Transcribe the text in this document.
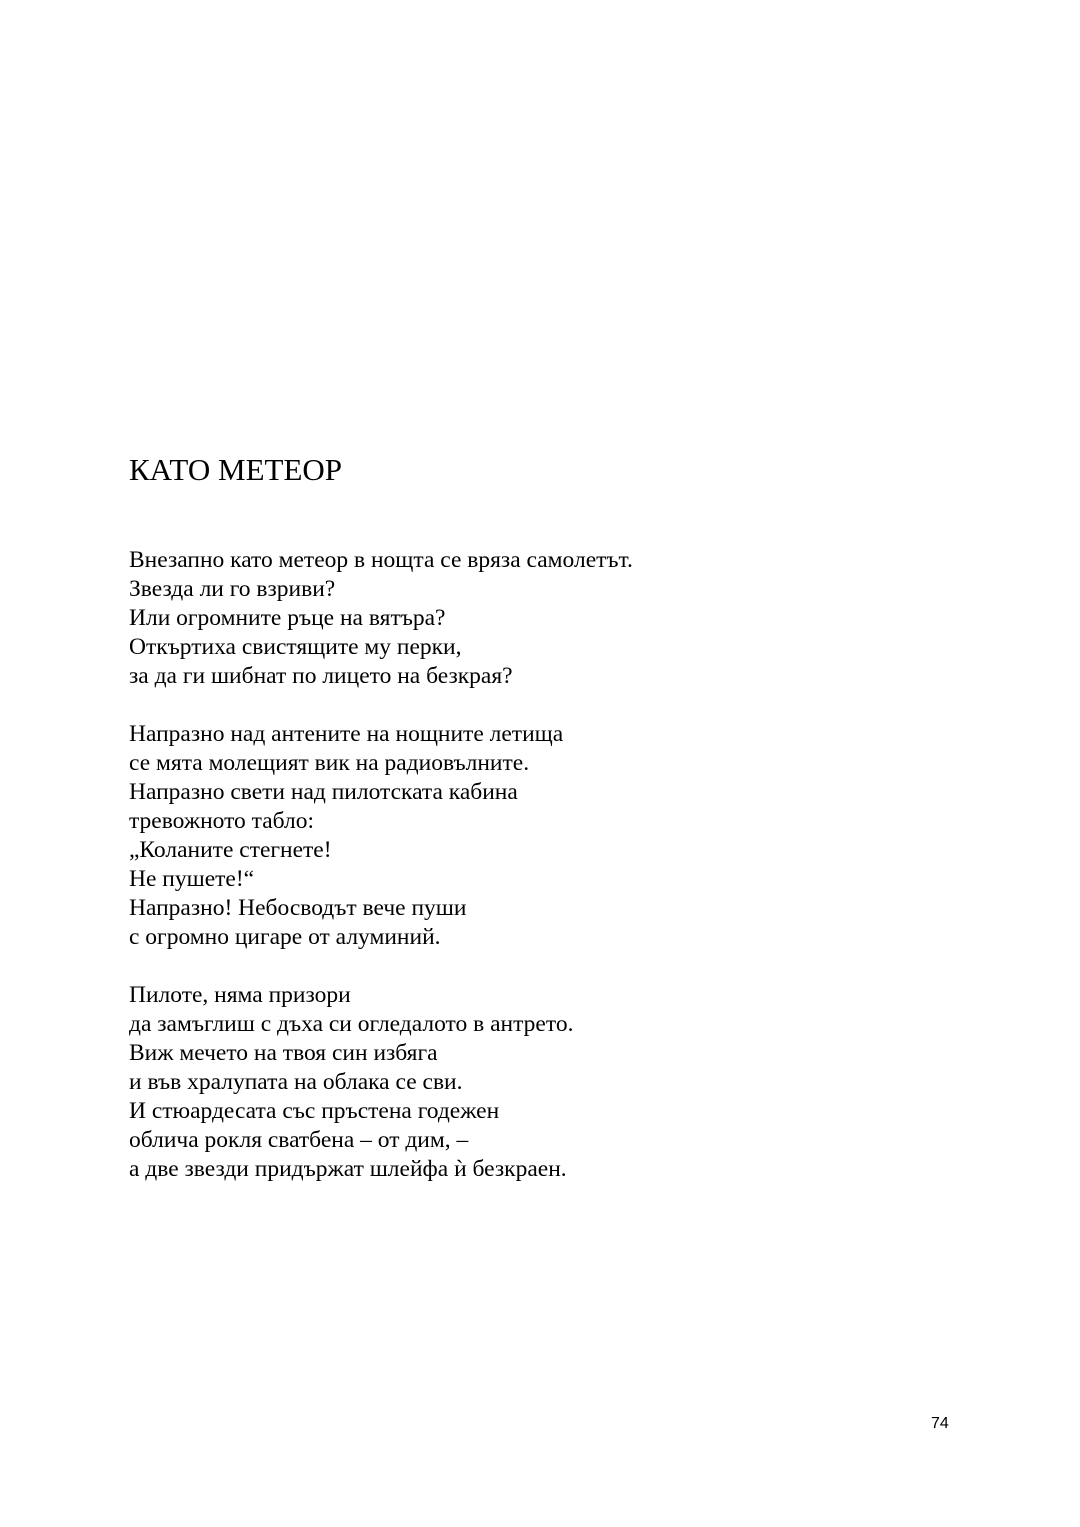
КАТО МЕТЕОР
Внезапно като метеор в нощта се вряза самолетът.
Звезда ли го взриви?
Или огромните ръце на вятъра?
Откъртиха свистящите му перки,
за да ги шибнат по лицето на безкрая?
Напразно над антените на нощните летища
се мята молещият вик на радиовълните.
Напразно свети над пилотската кабина
тревожното табло:
„Коланите стегнете!
Не пушете!“
Напразно! Небосводът вече пуши
с огромно цигаре от алуминий.
Пилоте, няма призори
да замъглиш с дъха си огледалото в антрето.
Виж мечето на твоя син избяга
и във хралупата на облака се сви.
И стюардесата със пръстена годежен
облича рокля сватбена – от дим, –
а две звезди придържат шлейфа ѝ безкраен.
74
